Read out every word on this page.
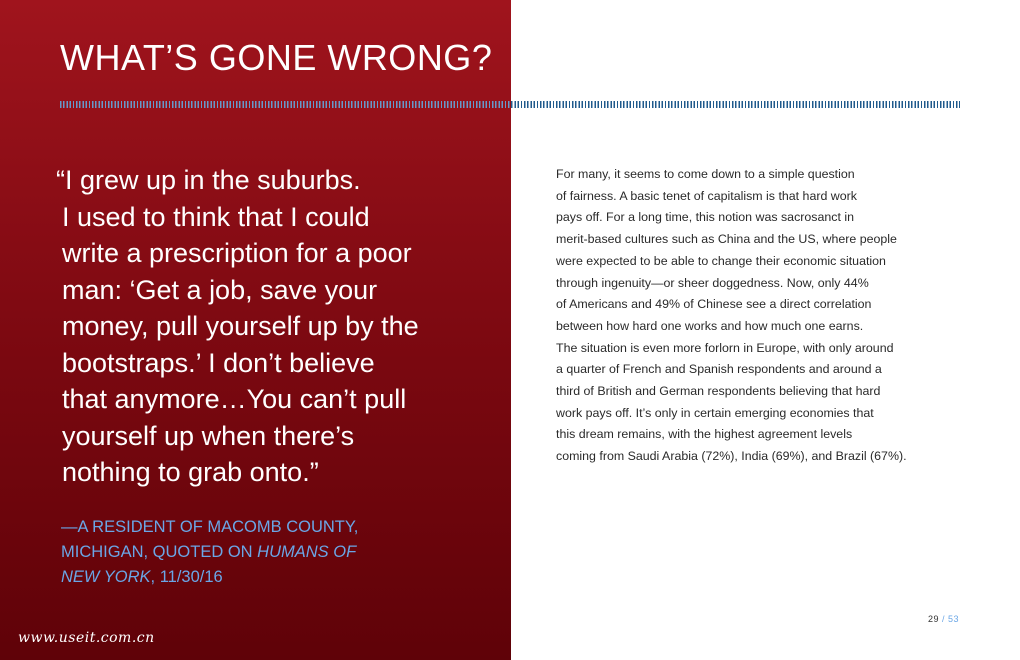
WHAT’S GONE WRONG?

“I grew up in the suburbs.
I used to think that I could
write a prescription for a poor
man: ‘Get a job, save your
money, pull yourself up by the
bootstraps.’ I don’t believe
that anymore…You can’t pull
yourself up when there’s
nothing to grab onto.”

—A RESIDENT OF MACOMB COUNTY,
MICHIGAN, QUOTED ON HUMANS OF
NEW YORK, 11/30/16

www.useit.com.cn

For many, it seems to come down to a simple question
of fairness. A basic tenet of capitalism is that hard work
pays off. For a long time, this notion was sacrosanct in
merit-based cultures such as China and the US, where people
were expected to be able to change their economic situation
through ingenuity—or sheer doggedness. Now, only 44%
of Americans and 49% of Chinese see a direct correlation
between how hard one works and how much one earns.
The situation is even more forlorn in Europe, with only around
a quarter of French and Spanish respondents and around a
third of British and German respondents believing that hard
work pays off. It’s only in certain emerging economies that
this dream remains, with the highest agreement levels
coming from Saudi Arabia (72%), India (69%), and Brazil (67%).

29 / 53
